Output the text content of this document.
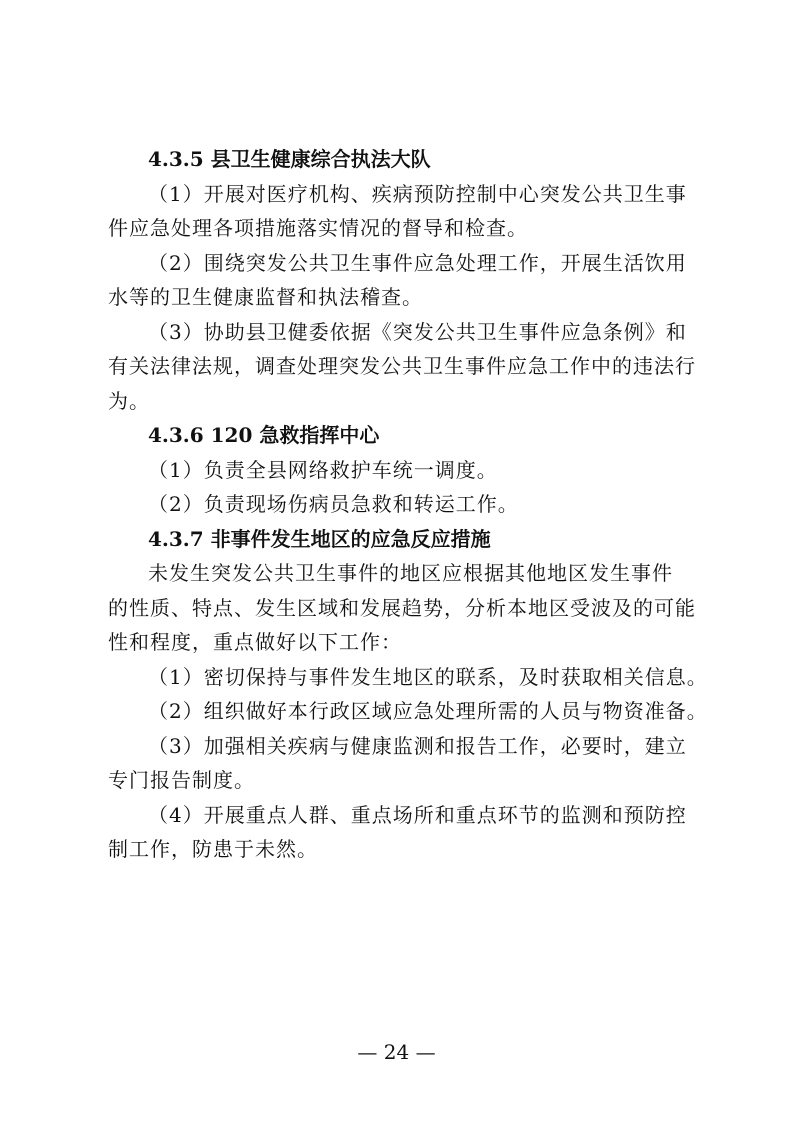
4.3.5 县卫生健康综合执法大队
（1）开展对医疗机构、疾病预防控制中心突发公共卫生事
件应急处理各项措施落实情况的督导和检查。
（2）围绕突发公共卫生事件应急处理工作，开展生活饮用
水等的卫生健康监督和执法稽查。
（3）协助县卫健委依据《突发公共卫生事件应急条例》和
有关法律法规，调查处理突发公共卫生事件应急工作中的违法行
为。
4.3.6 120 急救指挥中心
（1）负责全县网络救护车统一调度。
（2）负责现场伤病员急救和转运工作。
4.3.7 非事件发生地区的应急反应措施
未发生突发公共卫生事件的地区应根据其他地区发生事件
的性质、特点、发生区域和发展趋势，分析本地区受波及的可能
性和程度，重点做好以下工作：
（1）密切保持与事件发生地区的联系，及时获取相关信息。
（2）组织做好本行政区域应急处理所需的人员与物资准备。
（3）加强相关疾病与健康监测和报告工作，必要时，建立
专门报告制度。
（4）开展重点人群、重点场所和重点环节的监测和预防控
制工作，防患于未然。
— 24 —
